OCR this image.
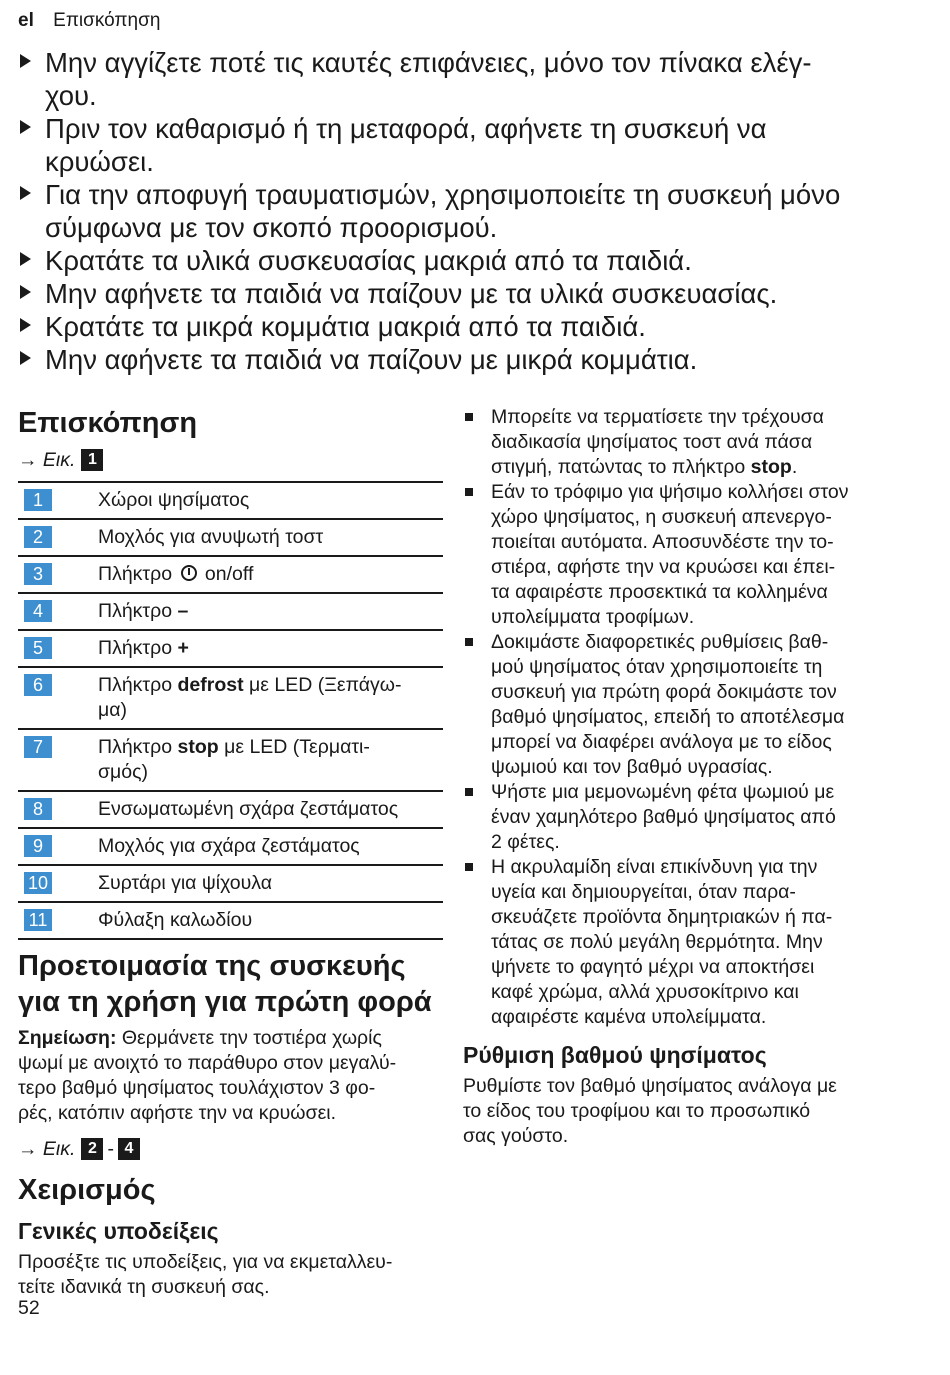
el Επισκόπηση
Μην αγγίζετε ποτέ τις καυτές επιφάνειες, μόνο τον πίνακα ελέγ-
χου.
Πριν τον καθαρισμό ή τη μεταφορά, αφήνετε τη συσκευή να
κρυώσει.
Για την αποφυγή τραυματισμών, χρησιμοποιείτε τη συσκευή μόνο
σύμφωνα με τον σκοπό προορισμού.
Κρατάτε τα υλικά συσκευασίας μακριά από τα παιδιά.
Μην αφήνετε τα παιδιά να παίζουν με τα υλικά συσκευασίας.
Κρατάτε τα μικρά κομμάτια μακριά από τα παιδιά.
Μην αφήνετε τα παιδιά να παίζουν με μικρά κομμάτια.
Επισκόπηση
→ Εικ. 1
1	Χώροι ψησίματος
2	Μοχλός για ανυψωτή τοστ
3	Πλήκτρο on/off
4	Πλήκτρο –
5	Πλήκτρο +
6	Πλήκτρο defrost με LED (Ξεπάγω-
μα)
7	Πλήκτρο stop με LED (Τερματι-
σμός)
8	Ενσωματωμένη σχάρα ζεστάματος
9	Μοχλός για σχάρα ζεστάματος
10	Συρτάρι για ψίχουλα
11	Φύλαξη καλωδίου
Προετοιμασία της συσκευής
για τη χρήση για πρώτη φορά

Σημείωση: Θερμάνετε την τοστιέρα χωρίς
ψωμί με ανοιχτό το παράθυρο στον μεγαλύ-
τερο βαθμό ψησίματος τουλάχιστον 3 φο-
ρές, κατόπιν αφήστε την να κρυώσει.

→ Εικ. 2 - 4
Χειρισμός
Γενικές υποδείξεις

Προσέξτε τις υποδείξεις, για να εκμεταλλευ-
τείτε ιδανικά τη συσκευή σας.

Μπορείτε να τερματίσετε την τρέχουσα
διαδικασία ψησίματος τοστ ανά πάσα
στιγμή, πατώντας το πλήκτρο stop.
Εάν το τρόφιμο για ψήσιμο κολλήσει στον
χώρο ψησίματος, η συσκευή απενεργο-
ποιείται αυτόματα. Αποσυνδέστε την το-
στιέρα, αφήστε την να κρυώσει και έπει-
τα αφαιρέστε προσεκτικά τα κολλημένα
υπολείμματα τροφίμων.
Δοκιμάστε διαφορετικές ρυθμίσεις βαθ-
μού ψησίματος όταν χρησιμοποιείτε τη
συσκευή για πρώτη φορά δοκιμάστε τον
βαθμό ψησίματος, επειδή το αποτέλεσμα
μπορεί να διαφέρει ανάλογα με το είδος
ψωμιού και τον βαθμό υγρασίας.
Ψήστε μια μεμονωμένη φέτα ψωμιού με
έναν χαμηλότερο βαθμό ψησίματος από
2 φέτες.
Η ακρυλαμίδη είναι επικίνδυνη για την
υγεία και δημιουργείται, όταν παρα-
σκευάζετε προϊόντα δημητριακών ή πα-
τάτας σε πολύ μεγάλη θερμότητα. Μην
ψήνετε το φαγητό μέχρι να αποκτήσει
καφέ χρώμα, αλλά χρυσοκίτρινο και
αφαιρέστε καμένα υπολείμματα.
Ρύθμιση βαθμού ψησίματος

Ρυθμίστε τον βαθμό ψησίματος ανάλογα με
το είδος του τροφίμου και το προσωπικό
σας γούστο.

52
